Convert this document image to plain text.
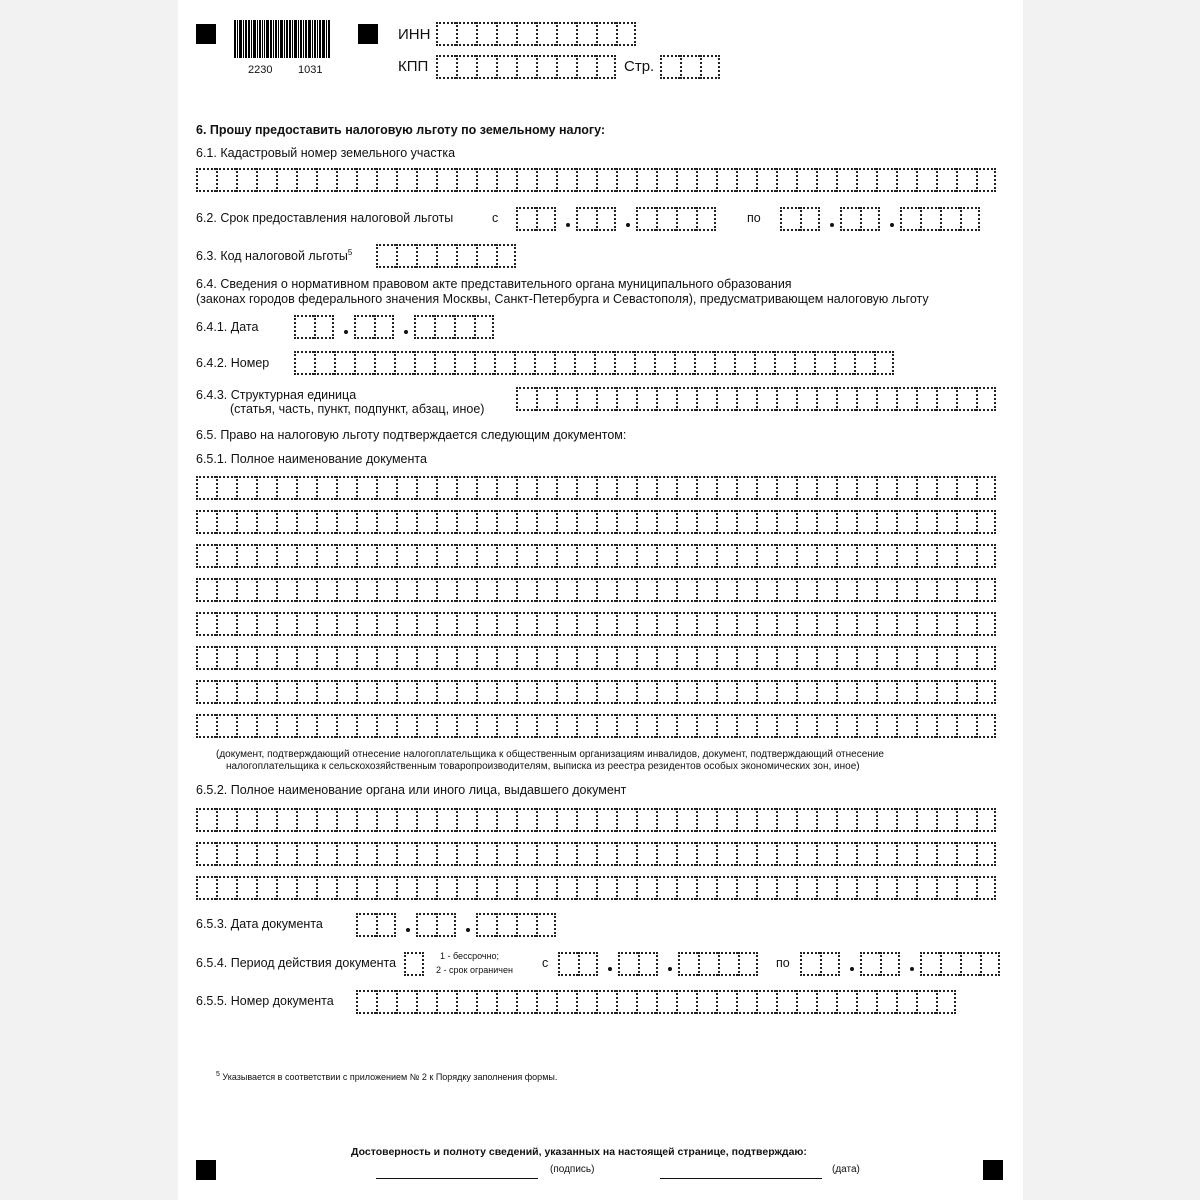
2230 1031
ИНН
КПП	Стр.
6. Прошу предоставить налоговую льготу по земельному налогу:
6.1. Кадастровый номер земельного участка
6.2. Срок предоставления налоговой льготы	с	по
6.3. Код налоговой льготы$^5$
6.4. Сведения о нормативном правовом акте представительного органа муниципального образования
(законах городов федерального значения Москвы, Санкт-Петербурга и Севастополя), предусматривающем налоговую льготу
6.4.1. Дата
6.4.2. Номер
6.4.3. Структурная единица
(статья, часть, пункт, подпункт, абзац, иное)
6.5. Право на налоговую льготу подтверждается следующим документом:
6.5.1. Полное наименование документа
(документ, подтверждающий отнесение налогоплательщика к общественным организациям инвалидов, документ, подтверждающий отнесение
налогоплательщика к сельскохозяйственным товаропроизводителям, выписка из реестра резидентов особых экономических зон, иное)
6.5.2. Полное наименование органа или иного лица, выдавшего документ
6.5.3. Дата документа
6.5.4. Период действия документа	1 - бессрочно;
2 - срок ограничен с	по
6.5.5. Номер документа
$^5$ Указывается в соответствии с приложением № 2 к Порядку заполнения формы.
Достоверность и полноту сведений, указанных на настоящей странице, подтверждаю:
(подпись)	(дата)
